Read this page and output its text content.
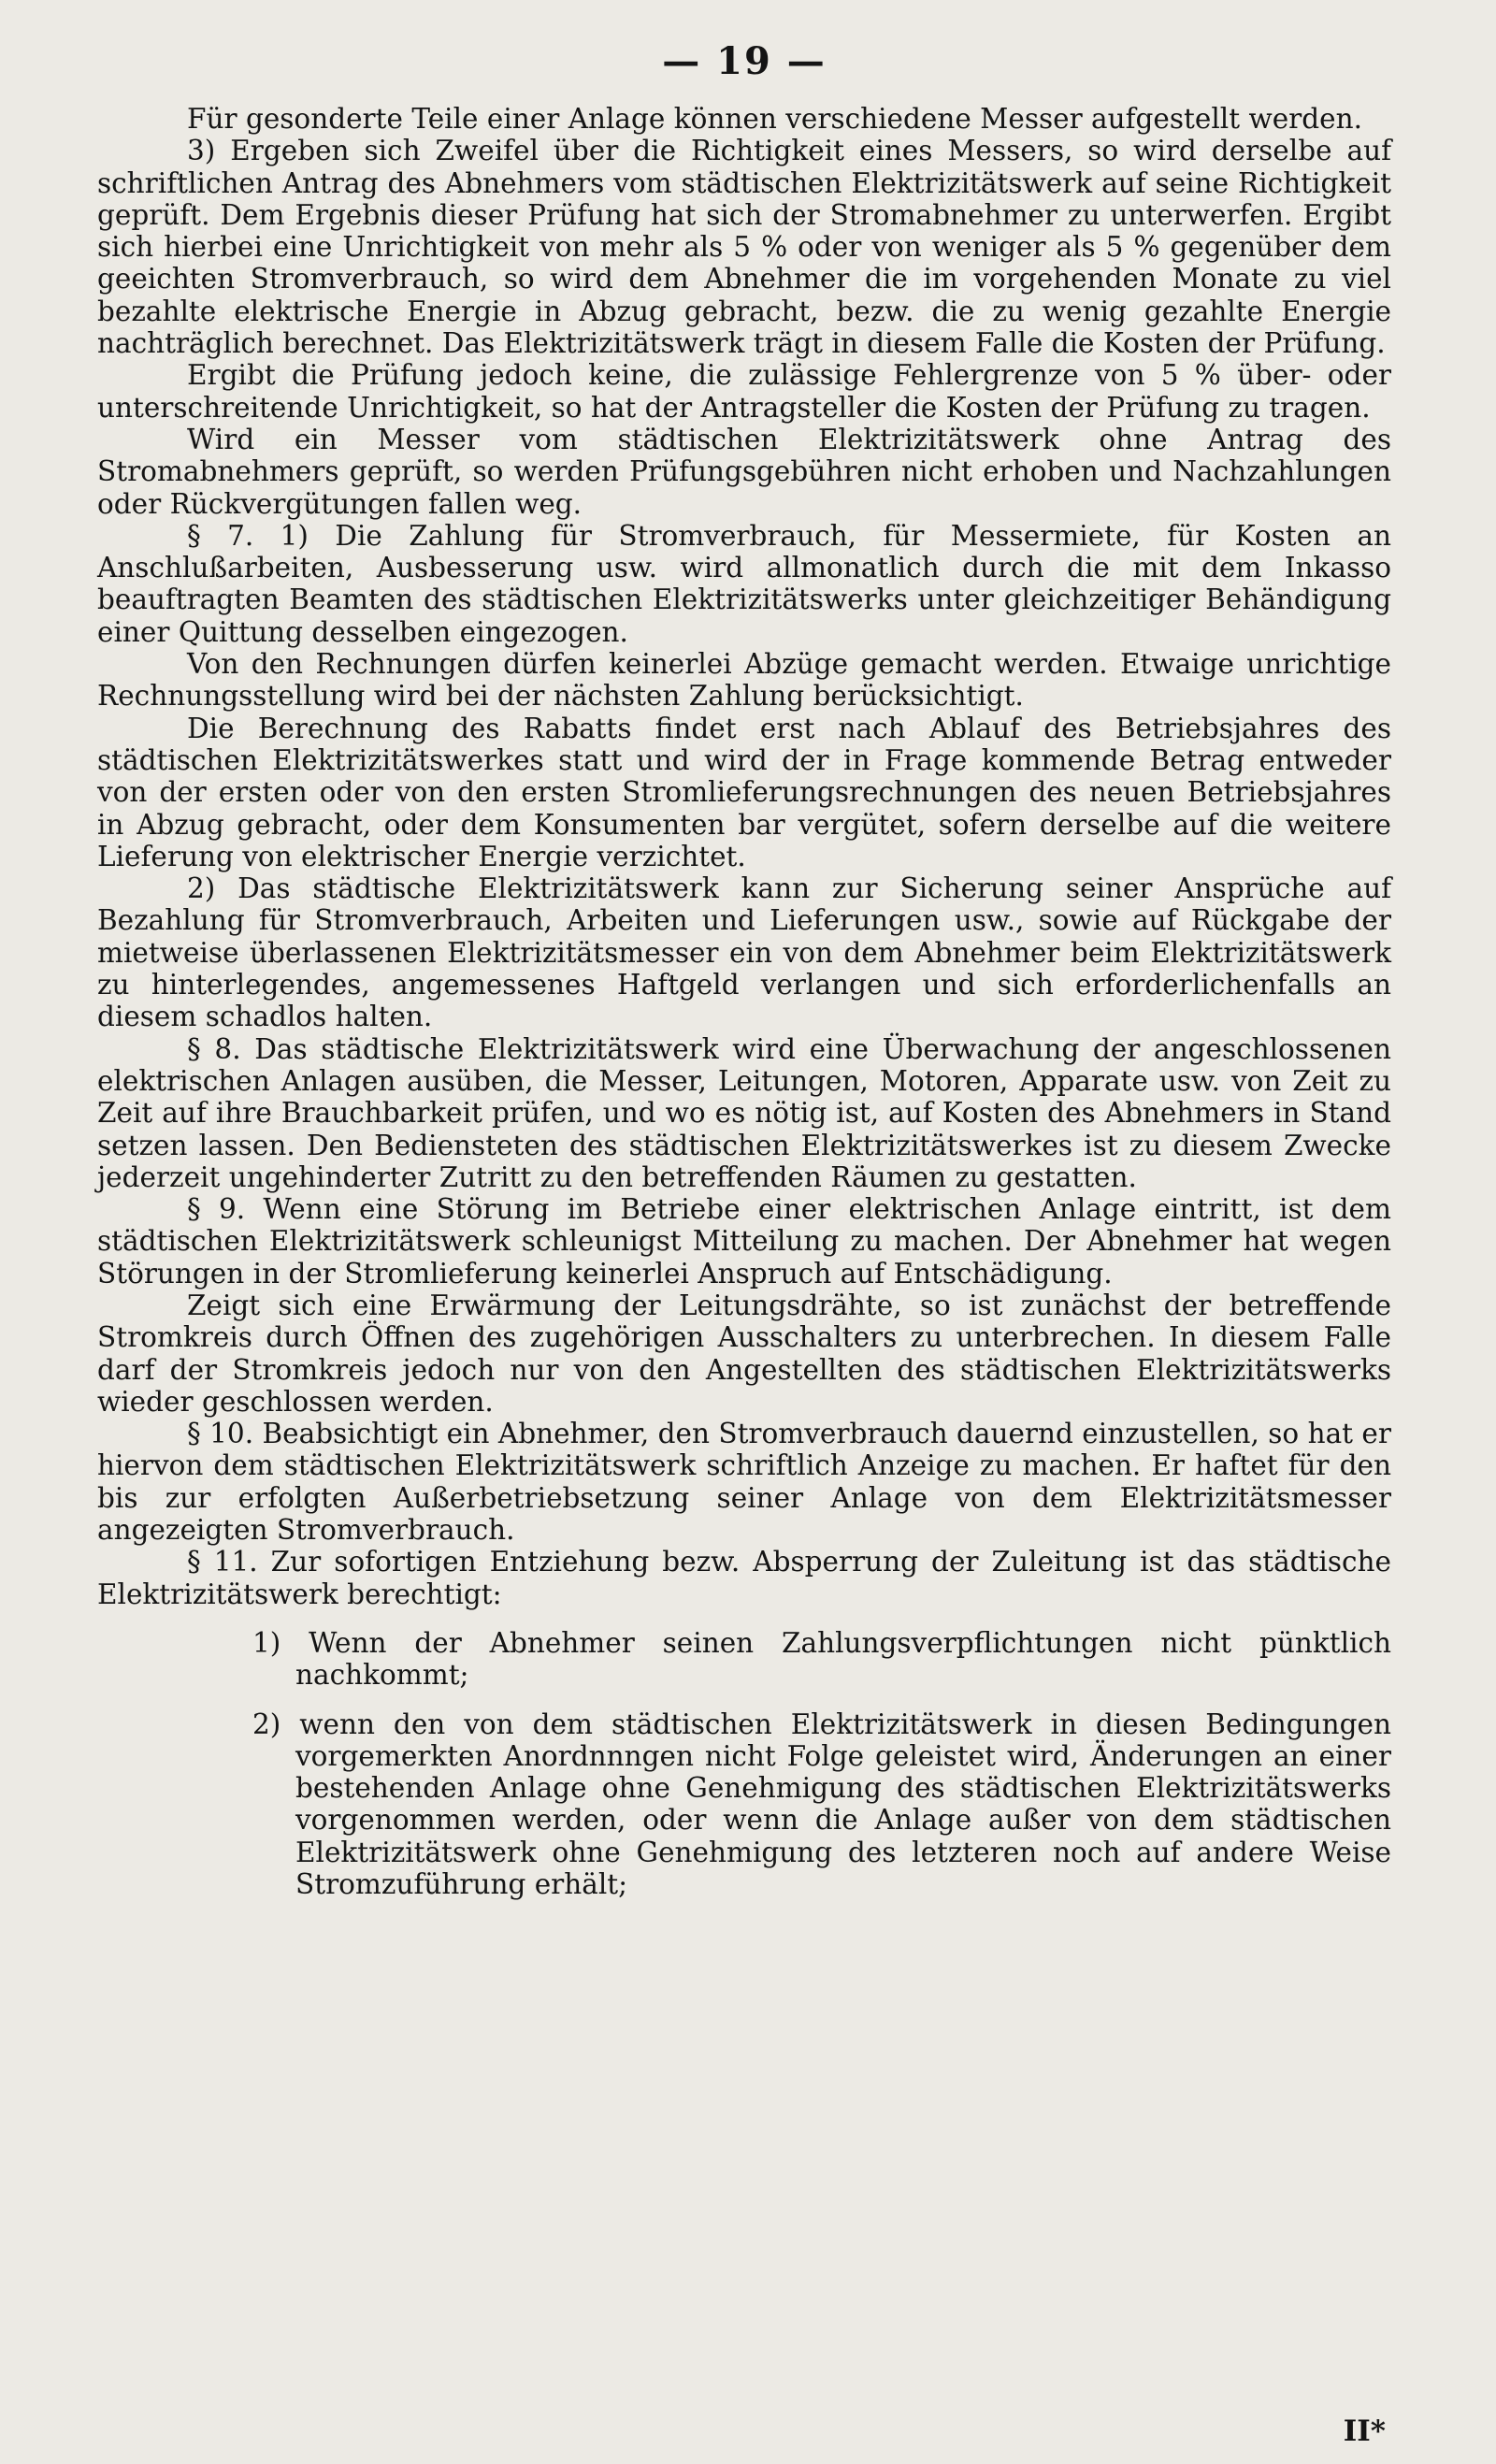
— 19 —

Für gesonderte Teile einer Anlage können verschiedene Messer aufgestellt werden.

3) Ergeben sich Zweifel über die Richtigkeit eines Messers, so wird derselbe auf schriftlichen Antrag des Abnehmers vom städtischen Elektrizitätswerk auf seine Richtigkeit geprüft. Dem Ergebnis dieser Prüfung hat sich der Stromabnehmer zu unterwerfen. Ergibt sich hierbei eine Unrichtigkeit von mehr als 5 % oder von weniger als 5 % gegenüber dem geeichten Stromverbrauch, so wird dem Abnehmer die im vorgehenden Monate zu viel bezahlte elektrische Energie in Abzug gebracht, bezw. die zu wenig gezahlte Energie nachträglich berechnet. Das Elektrizitätswerk trägt in diesem Falle die Kosten der Prüfung.

Ergibt die Prüfung jedoch keine, die zulässige Fehlergrenze von 5 % über- oder unterschreitende Unrichtigkeit, so hat der Antragsteller die Kosten der Prüfung zu tragen.

Wird ein Messer vom städtischen Elektrizitätswerk ohne Antrag des Stromabnehmers geprüft, so werden Prüfungsgebühren nicht erhoben und Nachzahlungen oder Rückvergütungen fallen weg.

§ 7. 1) Die Zahlung für Stromverbrauch, für Messermiete, für Kosten an Anschlußarbeiten, Ausbesserung usw. wird allmonatlich durch die mit dem Inkasso beauftragten Beamten des städtischen Elektrizitätswerks unter gleichzeitiger Behändigung einer Quittung desselben eingezogen.

Von den Rechnungen dürfen keinerlei Abzüge gemacht werden. Etwaige unrichtige Rechnungsstellung wird bei der nächsten Zahlung berücksichtigt.

Die Berechnung des Rabatts findet erst nach Ablauf des Betriebsjahres des städtischen Elektrizitätswerkes statt und wird der in Frage kommende Betrag entweder von der ersten oder von den ersten Stromlieferungsrechnungen des neuen Betriebsjahres in Abzug gebracht, oder dem Konsumenten bar vergütet, sofern derselbe auf die weitere Lieferung von elektrischer Energie verzichtet.

2) Das städtische Elektrizitätswerk kann zur Sicherung seiner Ansprüche auf Bezahlung für Stromverbrauch, Arbeiten und Lieferungen usw., sowie auf Rückgabe der mietweise überlassenen Elektrizitätsmesser ein von dem Abnehmer beim Elektrizitätswerk zu hinterlegendes, angemessenes Haftgeld verlangen und sich erforderlichenfalls an diesem schadlos halten.

§ 8. Das städtische Elektrizitätswerk wird eine Überwachung der angeschlossenen elektrischen Anlagen ausüben, die Messer, Leitungen, Motoren, Apparate usw. von Zeit zu Zeit auf ihre Brauchbarkeit prüfen, und wo es nötig ist, auf Kosten des Abnehmers in Stand setzen lassen. Den Bediensteten des städtischen Elektrizitätswerkes ist zu diesem Zwecke jederzeit ungehinderter Zutritt zu den betreffenden Räumen zu gestatten.

§ 9. Wenn eine Störung im Betriebe einer elektrischen Anlage eintritt, ist dem städtischen Elektrizitätswerk schleunigst Mitteilung zu machen. Der Abnehmer hat wegen Störungen in der Stromlieferung keinerlei Anspruch auf Entschädigung.

Zeigt sich eine Erwärmung der Leitungsdrähte, so ist zunächst der betreffende Stromkreis durch Öffnen des zugehörigen Ausschalters zu unterbrechen. In diesem Falle darf der Stromkreis jedoch nur von den Angestellten des städtischen Elektrizitätswerks wieder geschlossen werden.

§ 10. Beabsichtigt ein Abnehmer, den Stromverbrauch dauernd einzustellen, so hat er hiervon dem städtischen Elektrizitätswerk schriftlich Anzeige zu machen. Er haftet für den bis zur erfolgten Außerbetriebsetzung seiner Anlage von dem Elektrizitätsmesser angezeigten Stromverbrauch.

§ 11. Zur sofortigen Entziehung bezw. Absperrung der Zuleitung ist das städtische Elektrizitätswerk berechtigt:

1) Wenn der Abnehmer seinen Zahlungsverpflichtungen nicht pünktlich nachkommt;

2) wenn den von dem städtischen Elektrizitätswerk in diesen Bedingungen vorgemerkten Anordnnngen nicht Folge geleistet wird, Änderungen an einer bestehenden Anlage ohne Genehmigung des städtischen Elektrizitätswerks vorgenommen werden, oder wenn die Anlage außer von dem städtischen Elektrizitätswerk ohne Genehmigung des letzteren noch auf andere Weise Stromzuführung erhält;

II*
